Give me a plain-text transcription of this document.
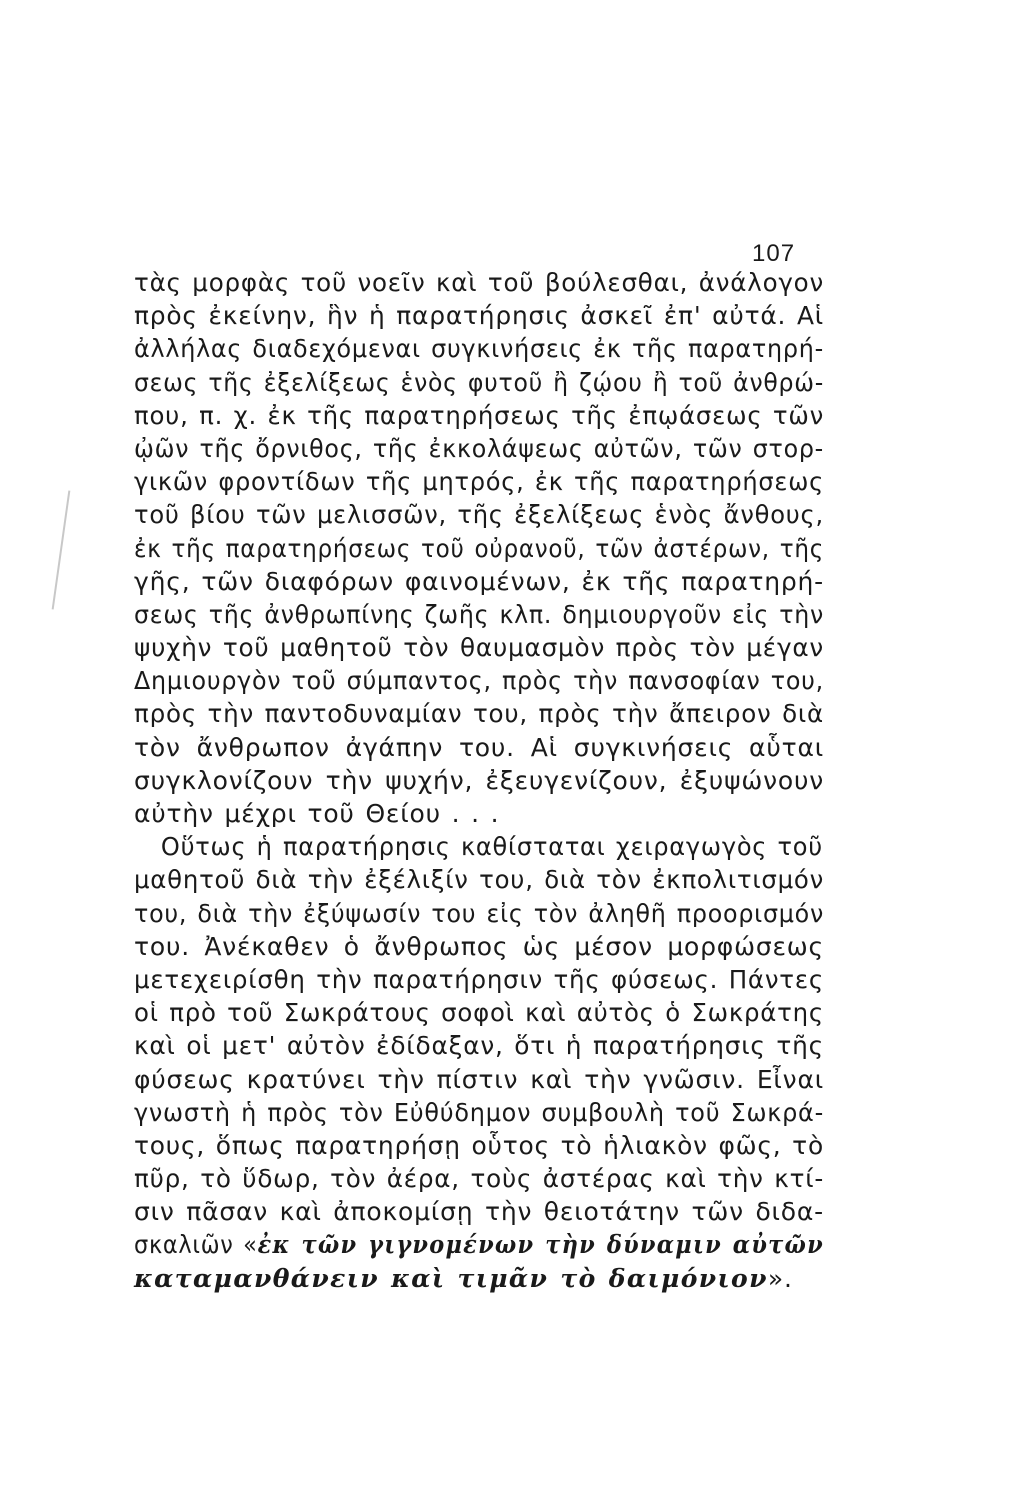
107
τὰς μορφὰς τοῦ νοεῖν καὶ τοῦ βούλεσθαι, ἀνάλογον
πρὸς ἐκείνην, ἣν ἡ παρατήρησις ἀσκεῖ ἐπ' αὐτά. Αἱ
ἀλλήλας διαδεχόμεναι συγκινήσεις ἐκ τῆς παρατηρή-
σεως τῆς ἐξελίξεως ἑνὸς φυτοῦ ἢ ζῴου ἢ τοῦ ἀνθρώ-
που, π. χ. ἐκ τῆς παρατηρήσεως τῆς ἐπῳάσεως τῶν
ᾠῶν τῆς ὄρνιθος, τῆς ἐκκολάψεως αὐτῶν, τῶν στορ-
γικῶν φροντίδων τῆς μητρός, ἐκ τῆς παρατηρήσεως
τοῦ βίου τῶν μελισσῶν, τῆς ἐξελίξεως ἑνὸς ἄνθους,
ἐκ τῆς παρατηρήσεως τοῦ οὐρανοῦ, τῶν ἀστέρων, τῆς
γῆς, τῶν διαφόρων φαινομένων, ἐκ τῆς παρατηρή-
σεως τῆς ἀνθρωπίνης ζωῆς κλπ. δημιουργοῦν εἰς τὴν
ψυχὴν τοῦ μαθητοῦ τὸν θαυμασμὸν πρὸς τὸν μέγαν
Δημιουργὸν τοῦ σύμπαντος, πρὸς τὴν πανσοφίαν του,
πρὸς τὴν παντοδυναμίαν του, πρὸς τὴν ἄπειρον διὰ
τὸν ἄνθρωπον ἀγάπην του. Αἱ συγκινήσεις αὗται
συγκλονίζουν τὴν ψυχήν, ἐξευγενίζουν, ἐξυψώνουν
αὐτὴν μέχρι τοῦ Θείου . . .
Οὕτως ἡ παρατήρησις καθίσταται χειραγωγὸς τοῦ
μαθητοῦ διὰ τὴν ἐξέλιξίν του, διὰ τὸν ἐκπολιτισμόν
του, διὰ τὴν ἐξύψωσίν του εἰς τὸν ἀληθῆ προορισμόν
του. Ἀνέκαθεν ὁ ἄνθρωπος ὡς μέσον μορφώσεως
μετεχειρίσθη τὴν παρατήρησιν τῆς φύσεως. Πάντες
οἱ πρὸ τοῦ Σωκράτους σοφοὶ καὶ αὐτὸς ὁ Σωκράτης
καὶ οἱ μετ' αὐτὸν ἐδίδαξαν, ὅτι ἡ παρατήρησις τῆς
φύσεως κρατύνει τὴν πίστιν καὶ τὴν γνῶσιν. Εἶναι
γνωστὴ ἡ πρὸς τὸν Εὐθύδημον συμβουλὴ τοῦ Σωκρά-
τους, ὅπως παρατηρήσῃ οὗτος τὸ ἡλιακὸν φῶς, τὸ
πῦρ, τὸ ὕδωρ, τὸν ἀέρα, τοὺς ἀστέρας καὶ τὴν κτί-
σιν πᾶσαν καὶ ἀποκομίσῃ τὴν θειοτάτην τῶν διδα-
σκαλιῶν «ἐκ τῶν γιγνομένων τὴν δύναμιν αὐτῶν
καταμανθάνειν καὶ τιμᾶν τὸ δαιμόνιον».
